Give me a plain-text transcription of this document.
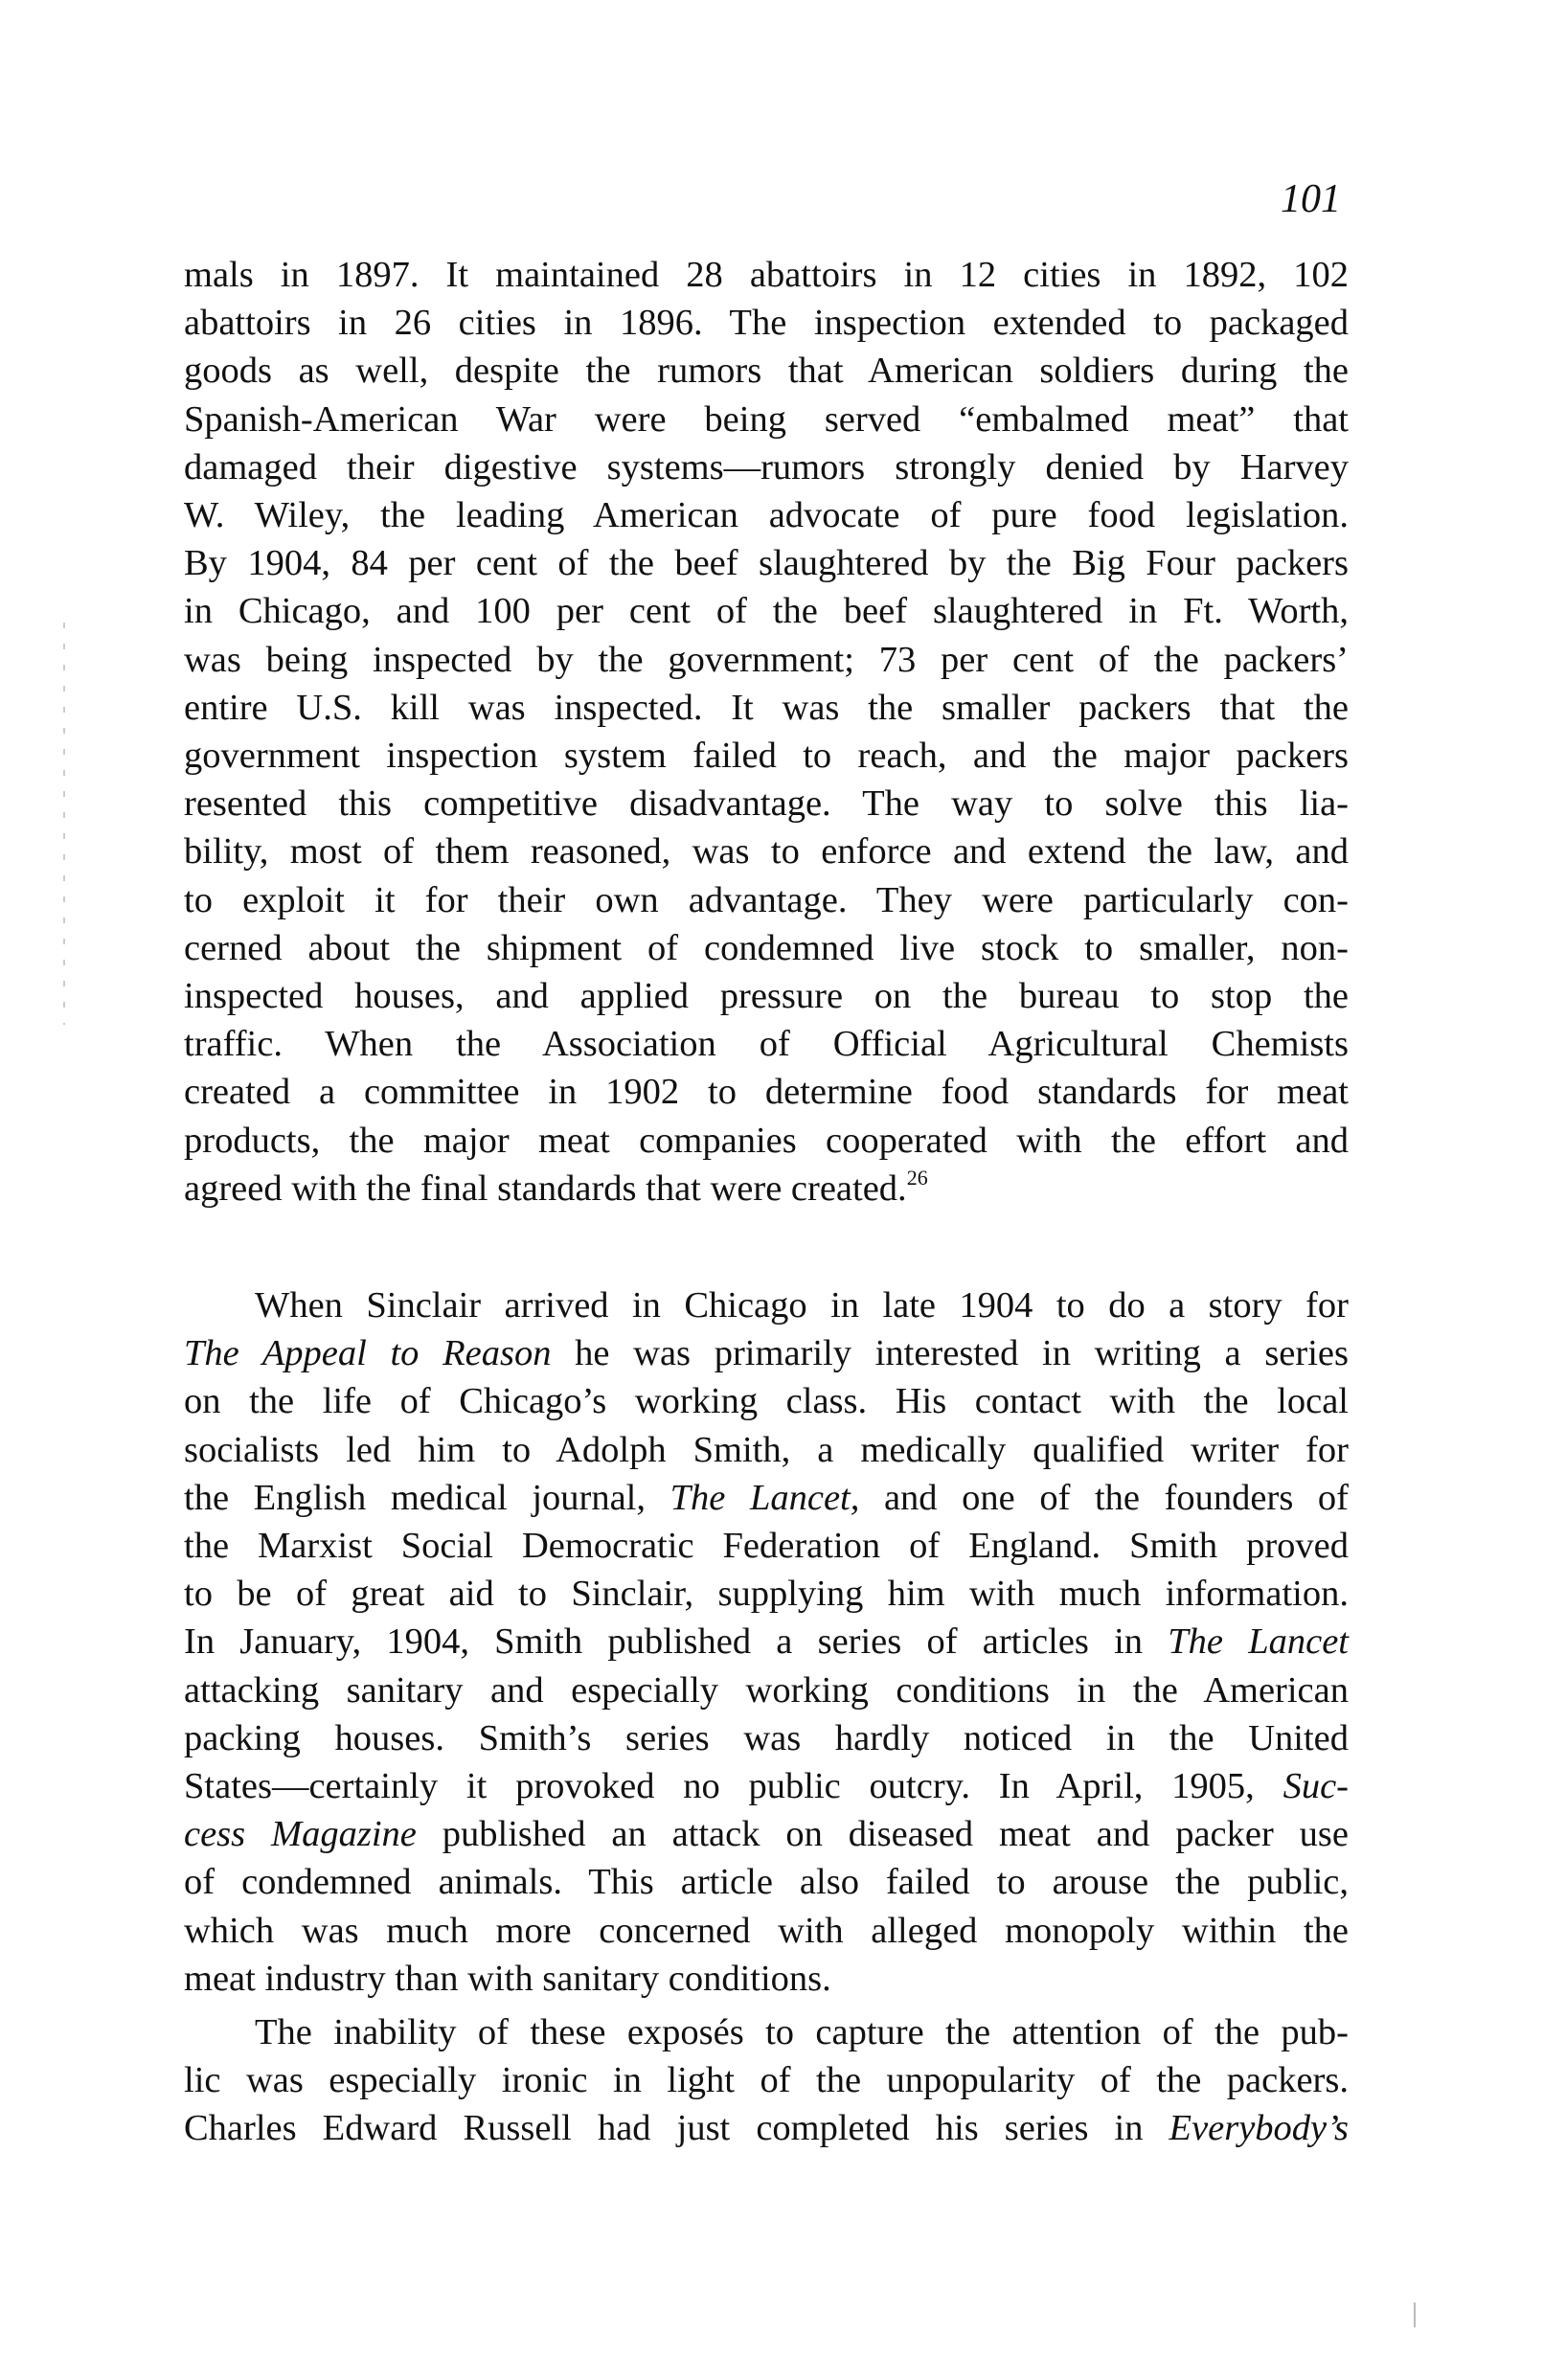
101

mals in 1897. It maintained 28 abattoirs in 12 cities in 1892, 102
abattoirs in 26 cities in 1896. The inspection extended to packaged
goods as well, despite the rumors that American soldiers during the
Spanish-American War were being served “embalmed meat” that
damaged their digestive systems—rumors strongly denied by Harvey
W. Wiley, the leading American advocate of pure food legislation.
By 1904, 84 per cent of the beef slaughtered by the Big Four packers
in Chicago, and 100 per cent of the beef slaughtered in Ft. Worth,
was being inspected by the government; 73 per cent of the packers’
entire U.S. kill was inspected. It was the smaller packers that the
government inspection system failed to reach, and the major packers
resented this competitive disadvantage. The way to solve this lia-
bility, most of them reasoned, was to enforce and extend the law, and
to exploit it for their own advantage. They were particularly con-
cerned about the shipment of condemned live stock to smaller, non-
inspected houses, and applied pressure on the bureau to stop the
traffic. When the Association of Official Agricultural Chemists
created a committee in 1902 to determine food standards for meat
products, the major meat companies cooperated with the effort and
agreed with the final standards that were created.$^{26}$

When Sinclair arrived in Chicago in late 1904 to do a story for
The Appeal to Reason he was primarily interested in writing a series
on the life of Chicago’s working class. His contact with the local
socialists led him to Adolph Smith, a medically qualified writer for
the English medical journal, The Lancet, and one of the founders of
the Marxist Social Democratic Federation of England. Smith proved
to be of great aid to Sinclair, supplying him with much information.
In January, 1904, Smith published a series of articles in The Lancet
attacking sanitary and especially working conditions in the American
packing houses. Smith’s series was hardly noticed in the United
States—certainly it provoked no public outcry. In April, 1905, Suc-
cess Magazine published an attack on diseased meat and packer use
of condemned animals. This article also failed to arouse the public,
which was much more concerned with alleged monopoly within the
meat industry than with sanitary conditions.

The inability of these exposés to capture the attention of the pub-
lic was especially ironic in light of the unpopularity of the packers.
Charles Edward Russell had just completed his series in Everybody’s
